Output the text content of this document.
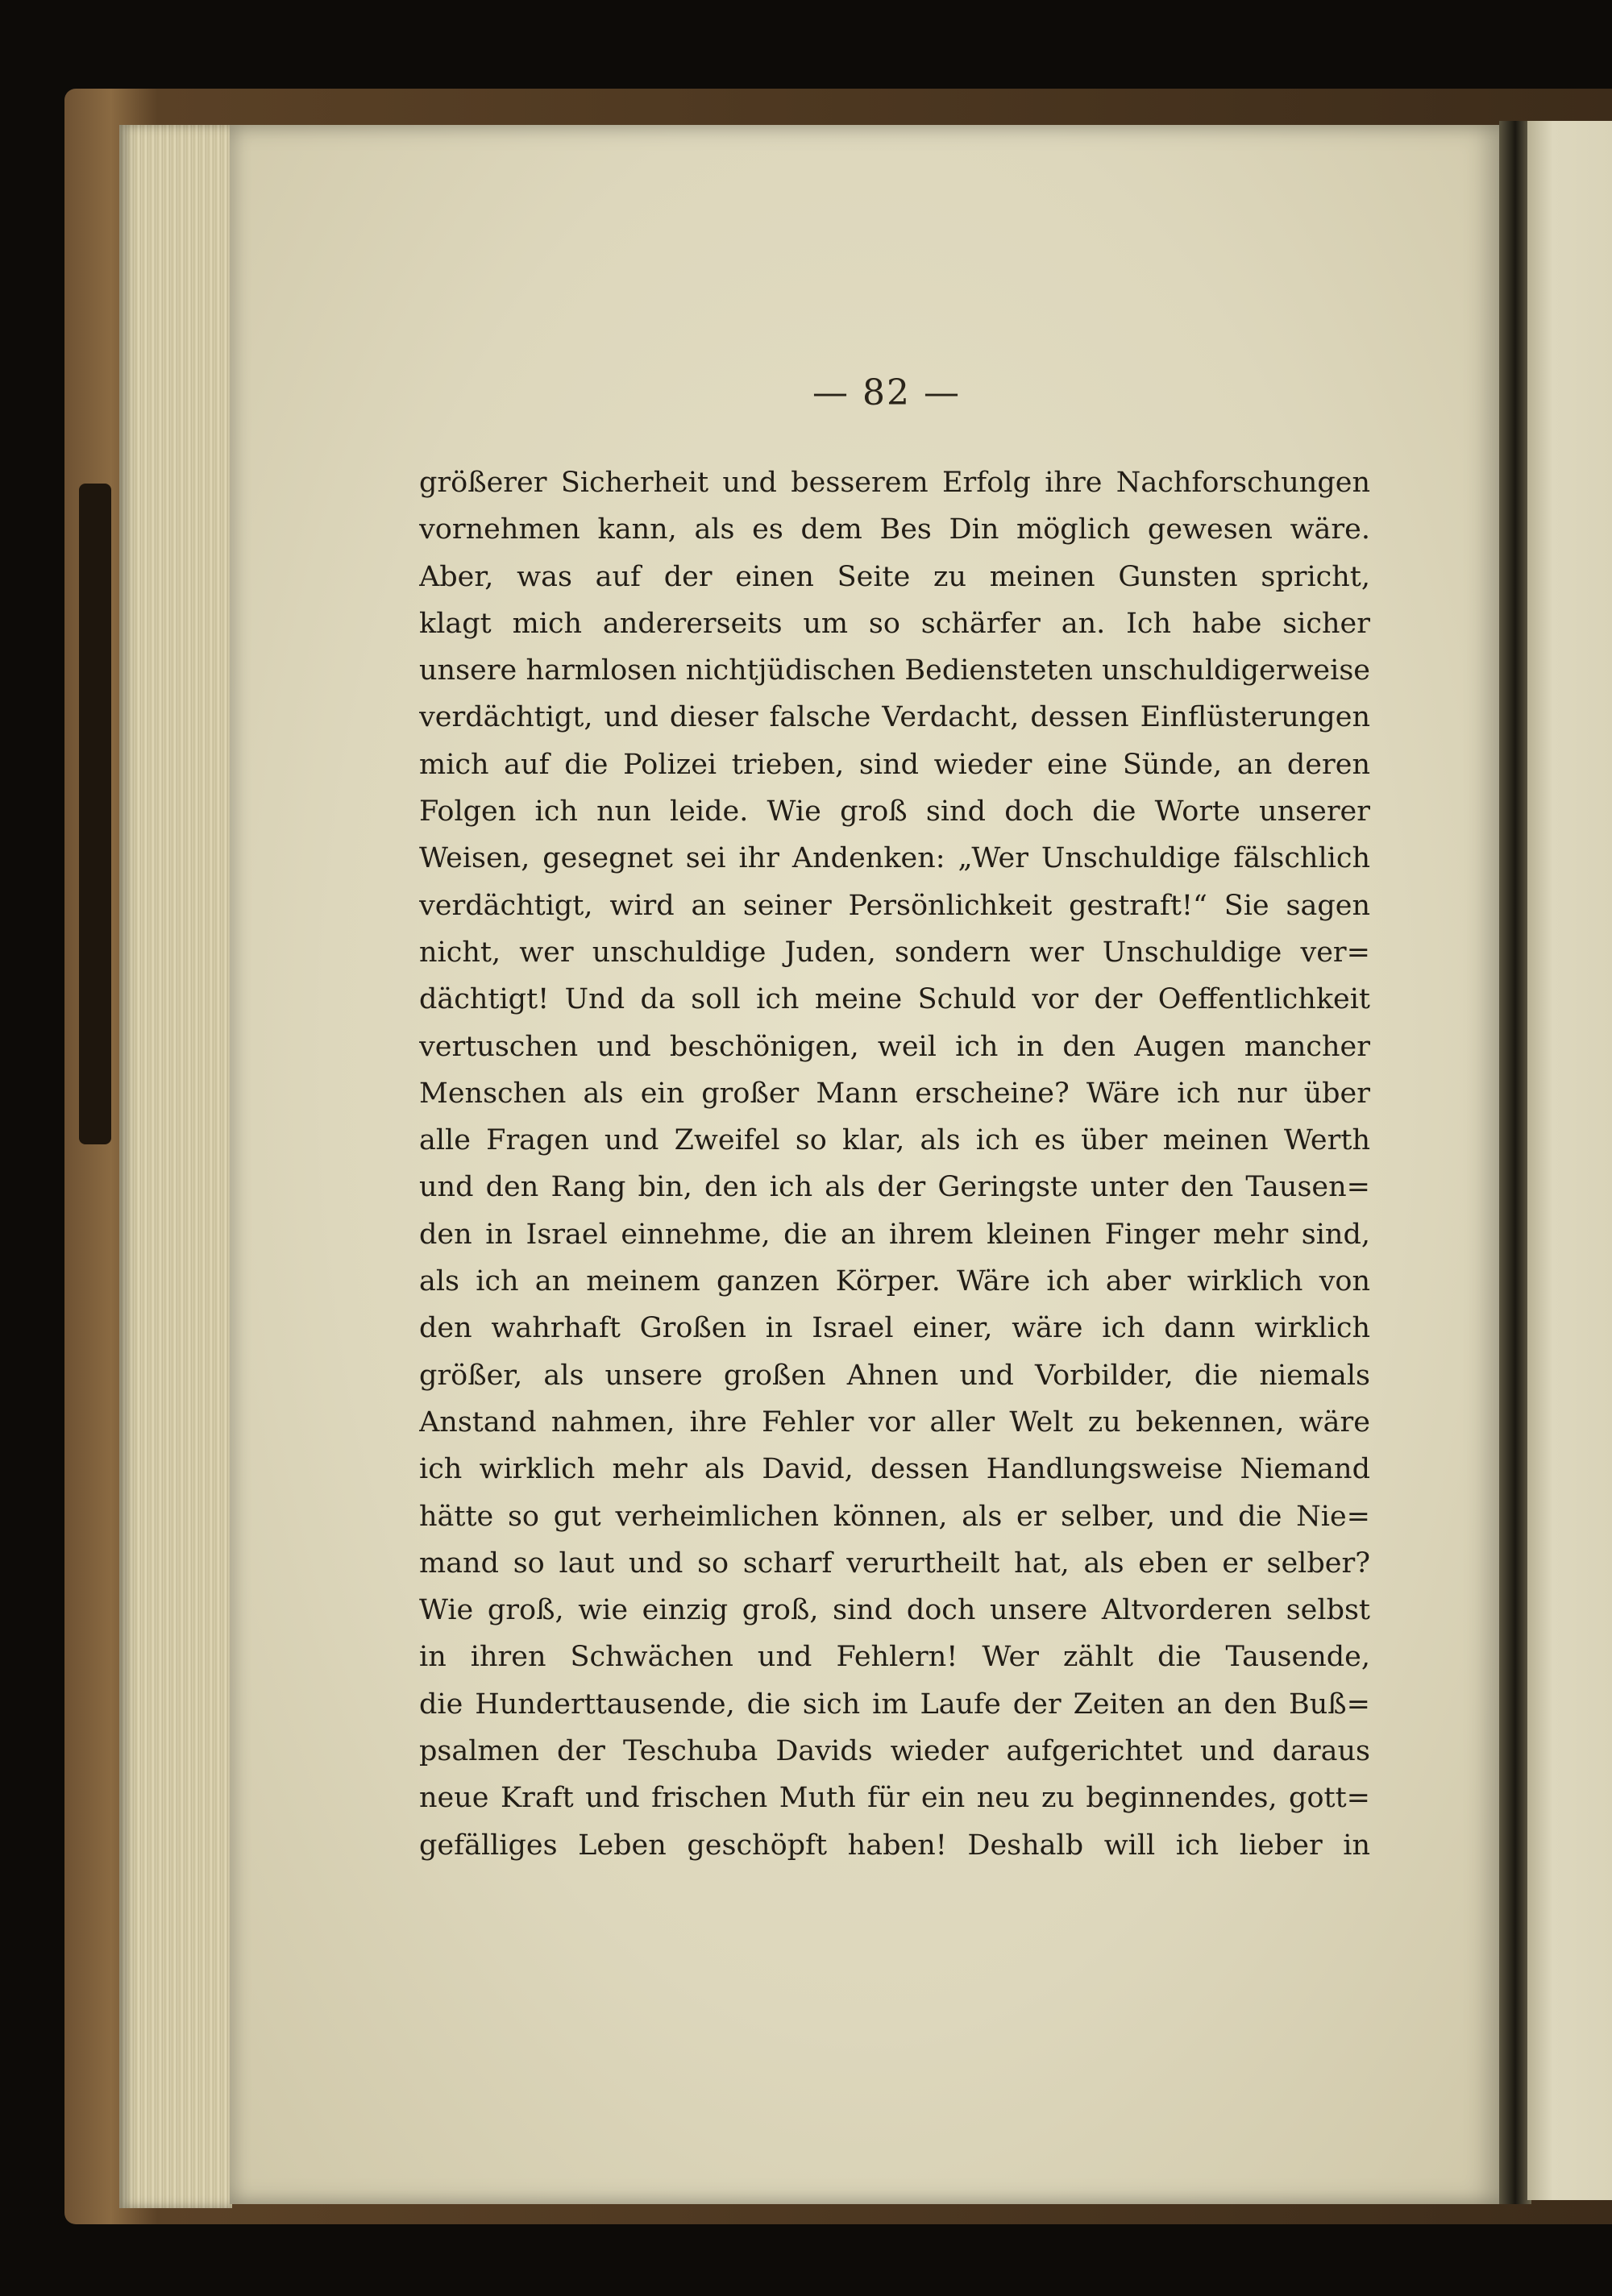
— 82 —
größerer Sicherheit und besserem Erfolg ihre Nachforschungen
vornehmen kann, als es dem Bes Din möglich gewesen wäre.
Aber, was auf der einen Seite zu meinen Gunsten spricht,
klagt mich andererseits um so schärfer an. Ich habe sicher
unsere harmlosen nichtjüdischen Bediensteten unschuldigerweise
verdächtigt, und dieser falsche Verdacht, dessen Einflüsterungen
mich auf die Polizei trieben, sind wieder eine Sünde, an deren
Folgen ich nun leide. Wie groß sind doch die Worte unserer
Weisen, gesegnet sei ihr Andenken: „Wer Unschuldige fälschlich
verdächtigt, wird an seiner Persönlichkeit gestraft!“ Sie sagen
nicht, wer unschuldige Juden, sondern wer Unschuldige ver=
dächtigt! Und da soll ich meine Schuld vor der Oeffentlichkeit
vertuschen und beschönigen, weil ich in den Augen mancher
Menschen als ein großer Mann erscheine? Wäre ich nur über
alle Fragen und Zweifel so klar, als ich es über meinen Werth
und den Rang bin, den ich als der Geringste unter den Tausen=
den in Israel einnehme, die an ihrem kleinen Finger mehr sind,
als ich an meinem ganzen Körper. Wäre ich aber wirklich von
den wahrhaft Großen in Israel einer, wäre ich dann wirklich
größer, als unsere großen Ahnen und Vorbilder, die niemals
Anstand nahmen, ihre Fehler vor aller Welt zu bekennen, wäre
ich wirklich mehr als David, dessen Handlungsweise Niemand
hätte so gut verheimlichen können, als er selber, und die Nie=
mand so laut und so scharf verurtheilt hat, als eben er selber?
Wie groß, wie einzig groß, sind doch unsere Altvorderen selbst
in ihren Schwächen und Fehlern! Wer zählt die Tausende,
die Hunderttausende, die sich im Laufe der Zeiten an den Buß=
psalmen der Teschuba Davids wieder aufgerichtet und daraus
neue Kraft und frischen Muth für ein neu zu beginnendes, gott=
gefälliges Leben geschöpft haben! Deshalb will ich lieber in
